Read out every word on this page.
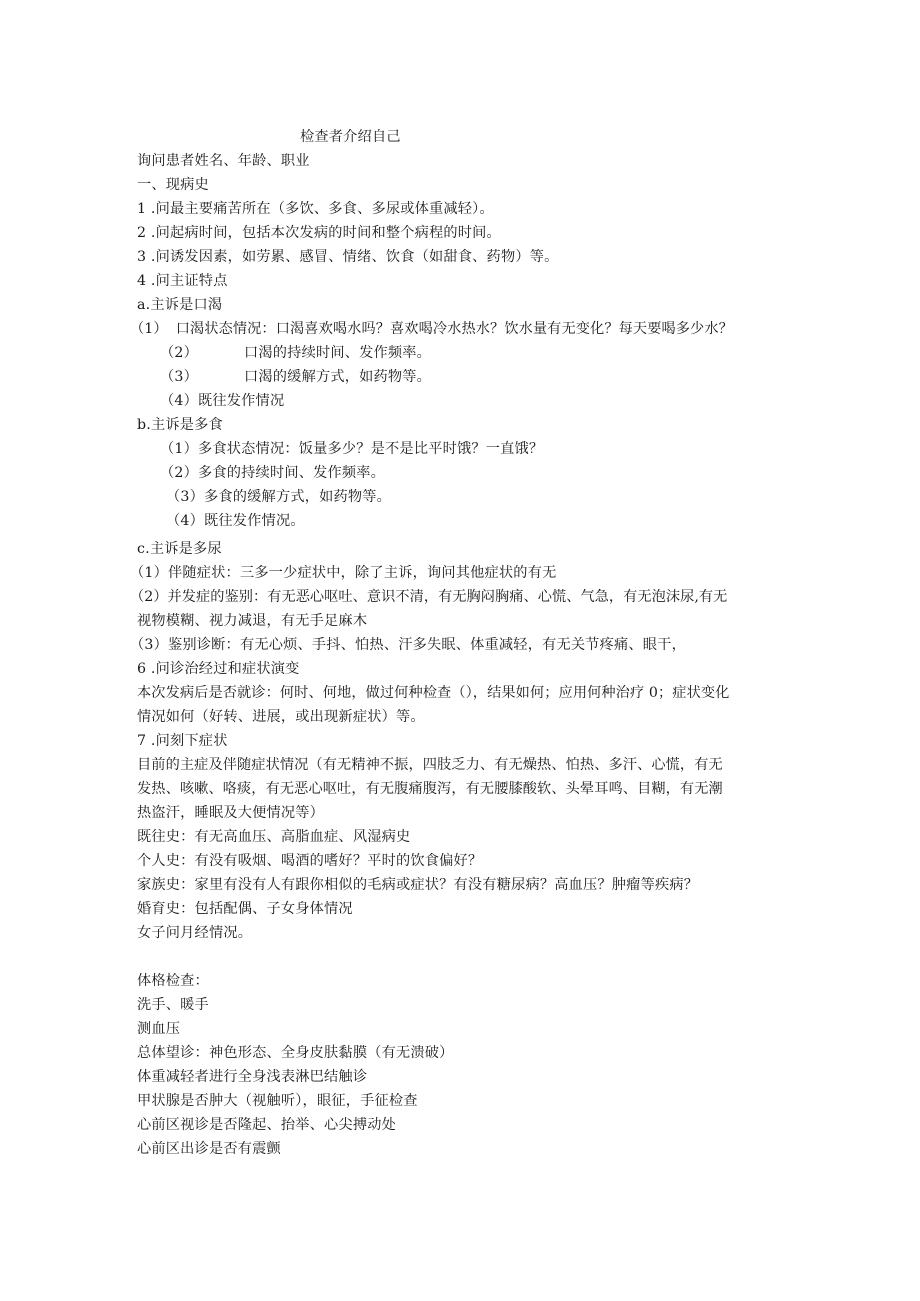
检查者介绍自己
询问患者姓名、年龄、职业
一、现病史
1 .问最主要痛苦所在（多饮、多食、多尿或体重减轻）。
2 .问起病时间，包括本次发病的时间和整个病程的时间。
3 .问诱发因素，如劳累、感冒、情绪、饮食（如甜食、药物）等。
4 .问主证特点
a.主诉是口渴
（1） 口渴状态情况：口渴喜欢喝水吗？喜欢喝冷水热水？饮水量有无变化？每天要喝多少水？
（2）	口渴的持续时间、发作频率。
（3）	口渴的缓解方式，如药物等。
（4）既往发作情况
b.主诉是多食
（1）多食状态情况：饭量多少？是不是比平时饿？一直饿？
（2）多食的持续时间、发作频率。
（3）多食的缓解方式，如药物等。
（4）既往发作情况。
c.主诉是多尿
（1）伴随症状：三多一少症状中，除了主诉，询问其他症状的有无
（2）并发症的鉴别：有无恶心呕吐、意识不清，有无胸闷胸痛、心慌、气急，有无泡沫尿,有无
视物模糊、视力减退，有无手足麻木
（3）鉴别诊断：有无心烦、手抖、怕热、汗多失眠、体重减轻，有无关节疼痛、眼干，
6 .问诊治经过和症状演变
本次发病后是否就诊：何时、何地，做过何种检查（），结果如何；应用何种治疗 0；症状变化
情况如何（好转、进展，或出现新症状）等。
7 .问刻下症状
目前的主症及伴随症状情况（有无精神不振，四肢乏力、有无燥热、怕热、多汗、心慌，有无
发热、咳嗽、咯痰，有无恶心呕吐，有无腹痛腹泻，有无腰膝酸软、头晕耳鸣、目糊，有无潮
热盗汗，睡眠及大便情况等）
既往史：有无高血压、高脂血症、风湿病史
个人史：有没有吸烟、喝酒的嗜好？平时的饮食偏好？
家族史：家里有没有人有跟你相似的毛病或症状？有没有糖尿病？高血压？肿瘤等疾病？
婚育史：包括配偶、子女身体情况
女子问月经情况。
体格检查：
洗手、暖手
测血压
总体望诊：神色形态、全身皮肤黏膜（有无溃破）
体重减轻者进行全身浅表淋巴结触诊
甲状腺是否肿大（视触听），眼征，手征检查
心前区视诊是否隆起、抬举、心尖搏动处
心前区出诊是否有震颤
